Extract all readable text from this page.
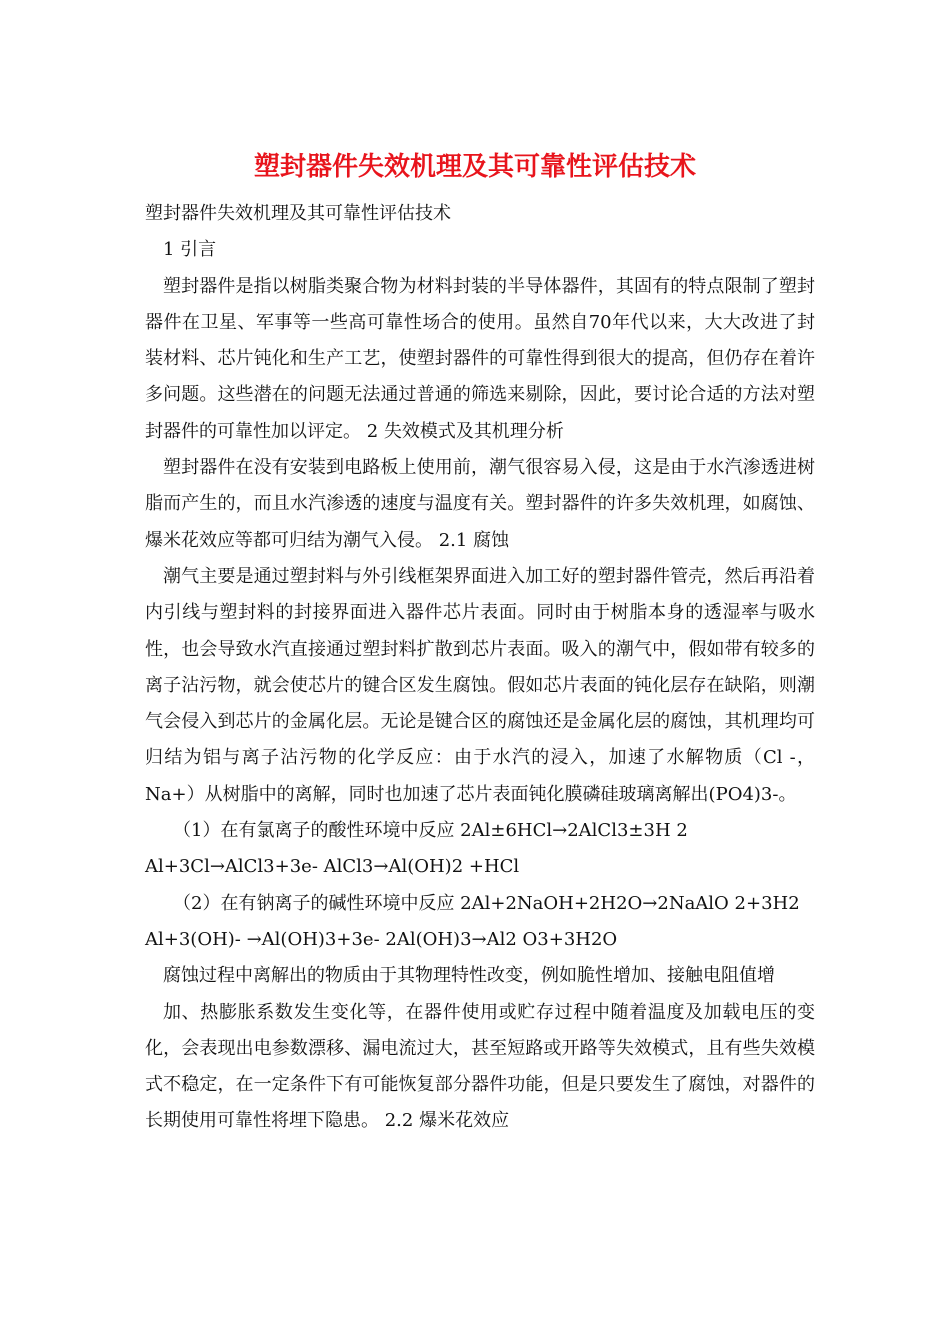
塑封器件失效机理及其可靠性评估技术

塑封器件失效机理及其可靠性评估技术

1 引言

塑封器件是指以树脂类聚合物为材料封装的半导体器件，其固有的特点限制了塑封器件在卫星、军事等一些高可靠性场合的使用。虽然自70年代以来，大大改进了封装材料、芯片钝化和生产工艺，使塑封器件的可靠性得到很大的提高，但仍存在着许多问题。这些潜在的问题无法通过普通的筛选来剔除，因此，要讨论合适的方法对塑封器件的可靠性加以评定。 2 失效模式及其机理分析

塑封器件在没有安装到电路板上使用前，潮气很容易入侵，这是由于水汽渗透进树脂而产生的，而且水汽渗透的速度与温度有关。塑封器件的许多失效机理，如腐蚀、爆米花效应等都可归结为潮气入侵。 2.1 腐蚀

潮气主要是通过塑封料与外引线框架界面进入加工好的塑封器件管壳，然后再沿着内引线与塑封料的封接界面进入器件芯片表面。同时由于树脂本身的透湿率与吸水性，也会导致水汽直接通过塑封料扩散到芯片表面。吸入的潮气中，假如带有较多的离子沾污物，就会使芯片的键合区发生腐蚀。假如芯片表面的钝化层存在缺陷，则潮气会侵入到芯片的金属化层。无论是键合区的腐蚀还是金属化层的腐蚀，其机理均可归结为铝与离子沾污物的化学反应：由于水汽的浸入，加速了水解物质（Cl -，Na+）从树脂中的离解，同时也加速了芯片表面钝化膜磷硅玻璃离解出(PO4)3-。

（1）在有氯离子的酸性环境中反应 2Al±6HCl→2AlCl3±3H 2

Al+3Cl→AlCl3+3e- AlCl3→Al(OH)2 +HCl

（2）在有钠离子的碱性环境中反应 2Al+2NaOH+2H2O→2NaAlO 2+3H2

Al+3(OH)- →Al(OH)3+3e- 2Al(OH)3→Al2 O3+3H2O

腐蚀过程中离解出的物质由于其物理特性改变，例如脆性增加、接触电阻值增

加、热膨胀系数发生变化等，在器件使用或贮存过程中随着温度及加载电压的变化，会表现出电参数漂移、漏电流过大，甚至短路或开路等失效模式，且有些失效模式不稳定，在一定条件下有可能恢复部分器件功能，但是只要发生了腐蚀，对器件的长期使用可靠性将埋下隐患。 2.2 爆米花效应
